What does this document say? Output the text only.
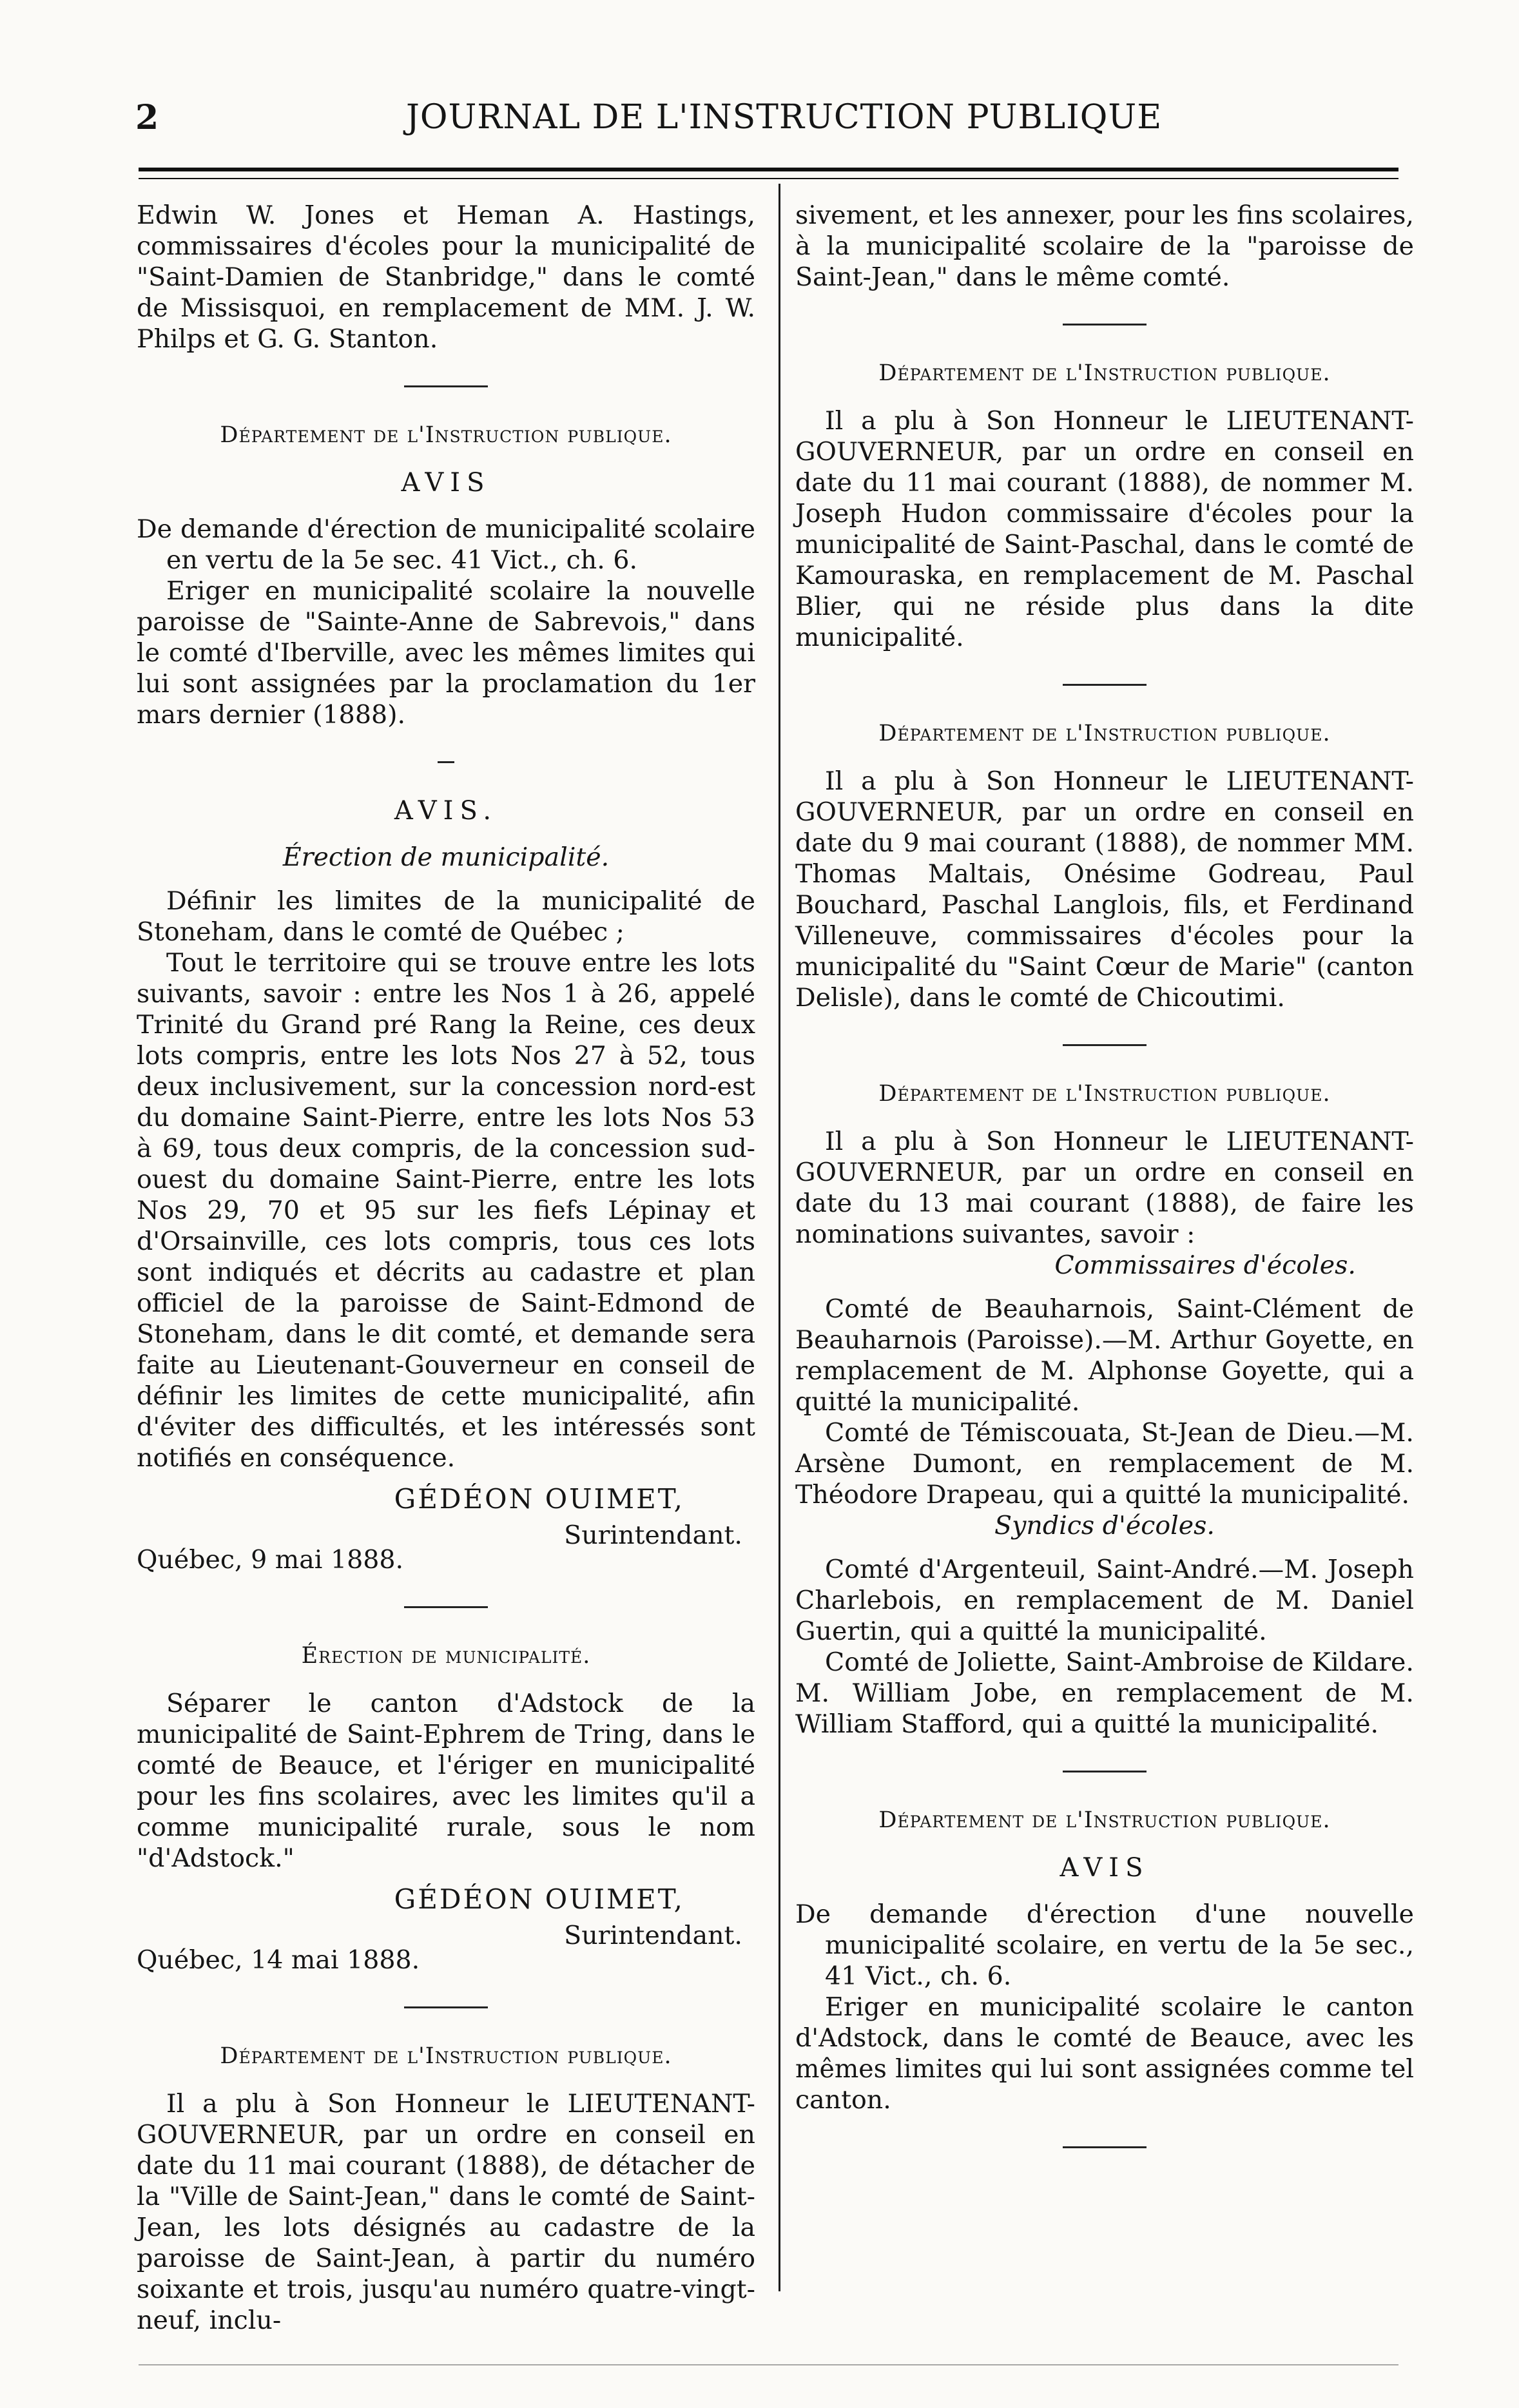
2	JOURNAL DE L'INSTRUCTION PUBLIQUE

Edwin W. Jones et Heman A. Hastings, commissaires d'écoles pour la municipalité de "Saint-Damien de Stanbridge," dans le comté de Missisquoi, en remplacement de MM. J. W. Philps et G. G. Stanton.

Département de l'Instruction publique.
AVIS

De demande d'érection de municipalité scolaire en vertu de la 5e sec. 41 Vict., ch. 6.

Eriger en municipalité scolaire la nouvelle paroisse de "Sainte-Anne de Sabrevois," dans le comté d'Iberville, avec les mêmes limites qui lui sont assignées par la proclamation du 1er mars dernier (1888).

AVIS.
Érection de municipalité.

Définir les limites de la municipalité de Stoneham, dans le comté de Québec ;

Tout le territoire qui se trouve entre les lots suivants, savoir : entre les Nos 1 à 26, appelé Trinité du Grand pré Rang la Reine, ces deux lots compris, entre les lots Nos 27 à 52, tous deux inclusivement, sur la concession nord-est du domaine Saint-Pierre, entre les lots Nos 53 à 69, tous deux compris, de la concession sud-ouest du domaine Saint-Pierre, entre les lots Nos 29, 70 et 95 sur les fiefs Lépinay et d'Orsainville, ces lots compris, tous ces lots sont indiqués et décrits au cadastre et plan officiel de la paroisse de Saint-Edmond de Stoneham, dans le dit comté, et demande sera faite au Lieutenant-Gouverneur en conseil de définir les limites de cette municipalité, afin d'éviter des difficultés, et les intéressés sont notifiés en conséquence.

GÉDÉON OUIMET,
Surintendant.
Québec, 9 mai 1888.
Érection de municipalité.

Séparer le canton d'Adstock de la municipalité de Saint-Ephrem de Tring, dans le comté de Beauce, et l'ériger en municipalité pour les fins scolaires, avec les limites qu'il a comme municipalité rurale, sous le nom "d'Adstock."

GÉDÉON OUIMET,
Surintendant.
Québec, 14 mai 1888.
Département de l'Instruction publique.

Il a plu à Son Honneur le LIEUTENANT-GOUVERNEUR, par un ordre en conseil en date du 11 mai courant (1888), de détacher de la "Ville de Saint-Jean," dans le comté de Saint-Jean, les lots désignés au cadastre de la paroisse de Saint-Jean, à partir du numéro soixante et trois, jusqu'au numéro quatre-vingt-neuf, inclu-

sivement, et les annexer, pour les fins scolaires, à la municipalité scolaire de la "paroisse de Saint-Jean," dans le même comté.

Département de l'Instruction publique.

Il a plu à Son Honneur le LIEUTENANT-GOUVERNEUR, par un ordre en conseil en date du 11 mai courant (1888), de nommer M. Joseph Hudon commissaire d'écoles pour la municipalité de Saint-Paschal, dans le comté de Kamouraska, en remplacement de M. Paschal Blier, qui ne réside plus dans la dite municipalité.

Département de l'Instruction publique.

Il a plu à Son Honneur le LIEUTENANT-GOUVERNEUR, par un ordre en conseil en date du 9 mai courant (1888), de nommer MM. Thomas Maltais, Onésime Godreau, Paul Bouchard, Paschal Langlois, fils, et Ferdinand Villeneuve, commissaires d'écoles pour la municipalité du "Saint Cœur de Marie" (canton Delisle), dans le comté de Chicoutimi.

Département de l'Instruction publique.

Il a plu à Son Honneur le LIEUTENANT-GOUVERNEUR, par un ordre en conseil en date du 13 mai courant (1888), de faire les nominations suivantes, savoir :

Commissaires d'écoles.

Comté de Beauharnois, Saint-Clément de Beauharnois (Paroisse).—M. Arthur Goyette, en remplacement de M. Alphonse Goyette, qui a quitté la municipalité.

Comté de Témiscouata, St-Jean de Dieu.—M. Arsène Dumont, en remplacement de M. Théodore Drapeau, qui a quitté la municipalité.

Syndics d'écoles.

Comté d'Argenteuil, Saint-André.—M. Joseph Charlebois, en remplacement de M. Daniel Guertin, qui a quitté la municipalité.

Comté de Joliette, Saint-Ambroise de Kildare. M. William Jobe, en remplacement de M. William Stafford, qui a quitté la municipalité.

Département de l'Instruction publique.
AVIS

De demande d'érection d'une nouvelle municipalité scolaire, en vertu de la 5e sec., 41 Vict., ch. 6.

Eriger en municipalité scolaire le canton d'Adstock, dans le comté de Beauce, avec les mêmes limites qui lui sont assignées comme tel canton.
